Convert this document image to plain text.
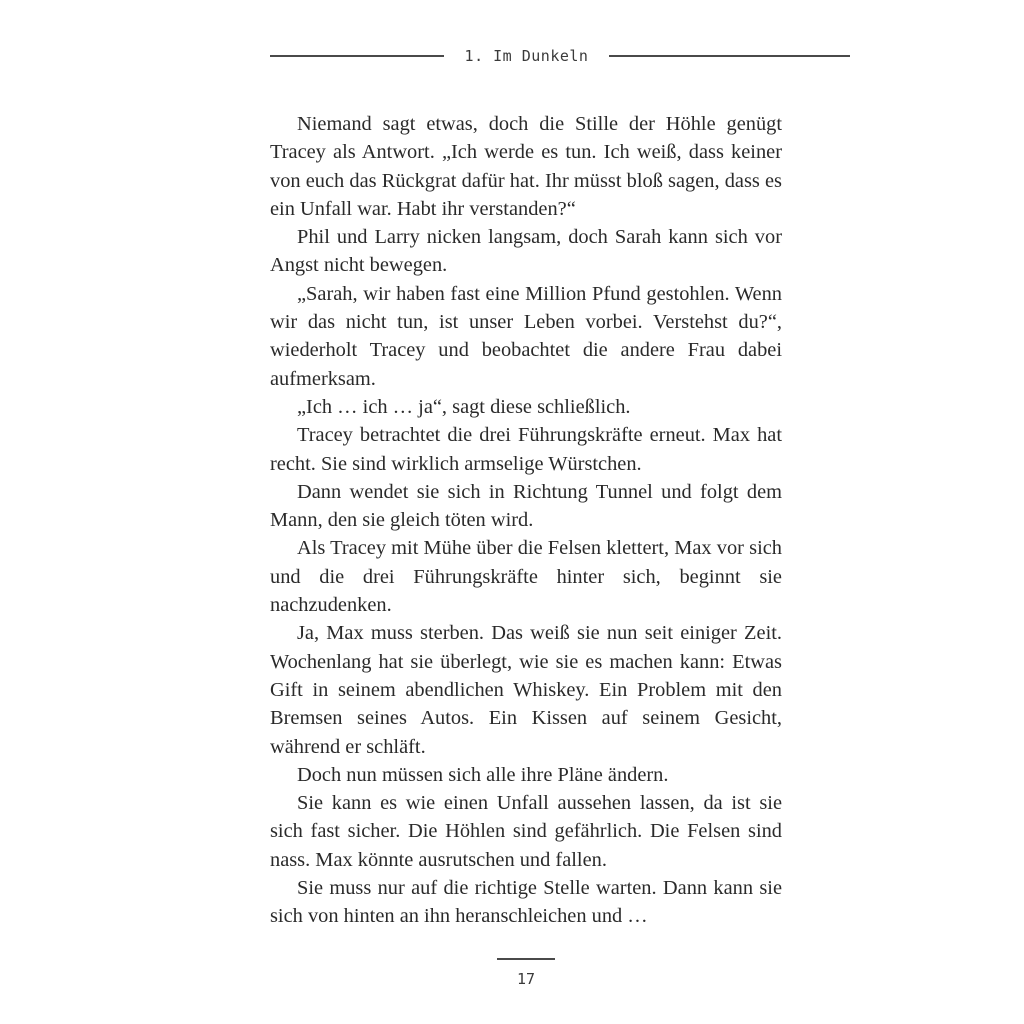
1. Im Dunkeln

Niemand sagt etwas, doch die Stille der Höhle genügt Tracey als Antwort. „Ich werde es tun. Ich weiß, dass keiner von euch das Rückgrat dafür hat. Ihr müsst bloß sagen, dass es ein Unfall war. Habt ihr verstanden?“

Phil und Larry nicken langsam, doch Sarah kann sich vor Angst nicht bewegen.

„Sarah, wir haben fast eine Million Pfund gestohlen. Wenn wir das nicht tun, ist unser Leben vorbei. Verstehst du?“, wiederholt Tracey und beobachtet die andere Frau dabei aufmerksam.

„Ich … ich … ja“, sagt diese schließlich.

Tracey betrachtet die drei Führungskräfte erneut. Max hat recht. Sie sind wirklich armselige Würstchen.

Dann wendet sie sich in Richtung Tunnel und folgt dem Mann, den sie gleich töten wird.

Als Tracey mit Mühe über die Felsen klettert, Max vor sich und die drei Führungskräfte hinter sich, beginnt sie nachzudenken.

Ja, Max muss sterben. Das weiß sie nun seit einiger Zeit. Wochenlang hat sie überlegt, wie sie es machen kann: Etwas Gift in seinem abendlichen Whiskey. Ein Problem mit den Bremsen seines Autos. Ein Kissen auf seinem Gesicht, während er schläft.

Doch nun müssen sich alle ihre Pläne ändern.

Sie kann es wie einen Unfall aussehen lassen, da ist sie sich fast sicher. Die Höhlen sind gefährlich. Die Felsen sind nass. Max könnte ausrutschen und fallen.

Sie muss nur auf die richtige Stelle warten. Dann kann sie sich von hinten an ihn heranschleichen und …

17
